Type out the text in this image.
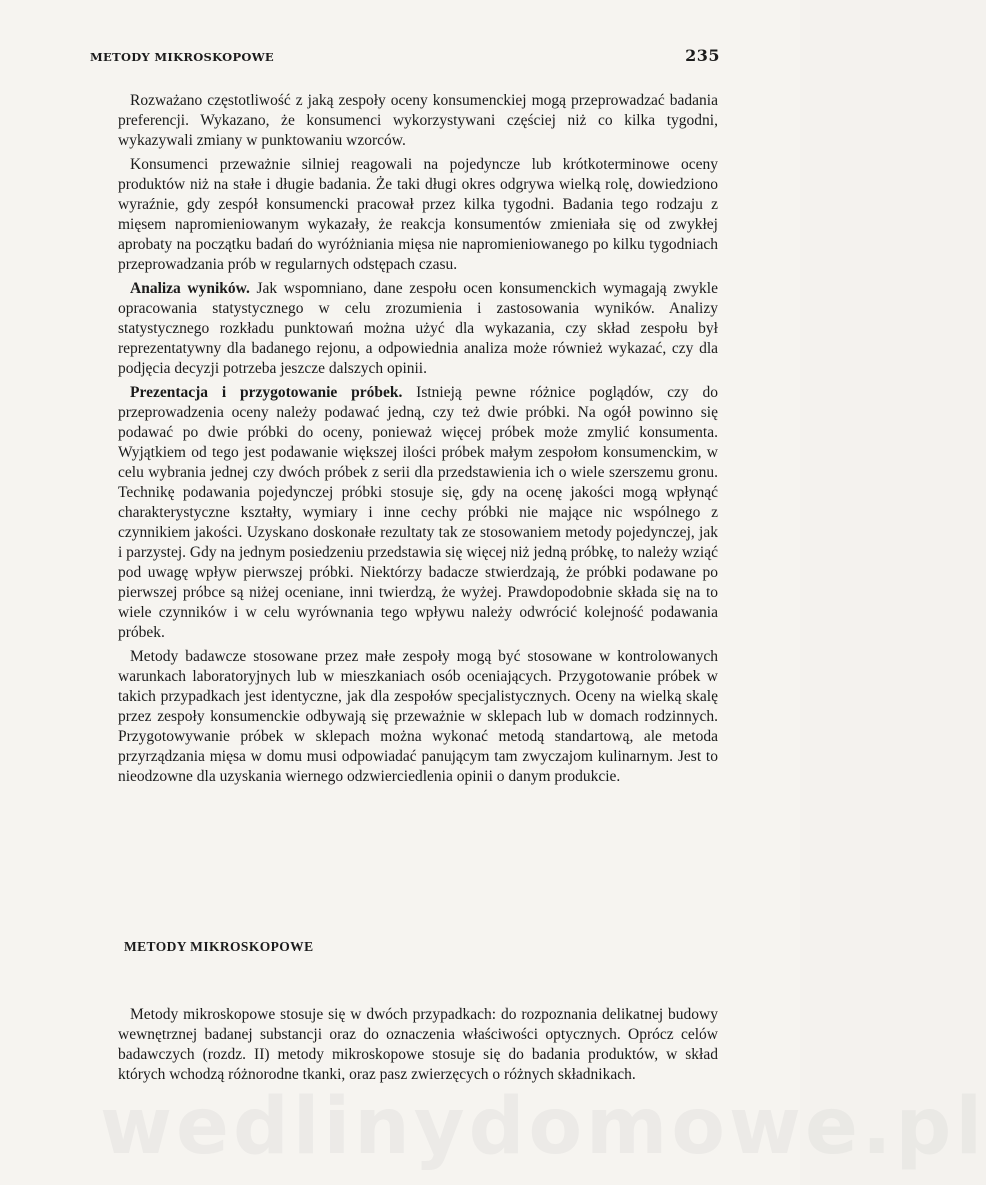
METODY MIKROSKOPOWE	235

Rozważano częstotliwość z jaką zespoły oceny konsumenckiej mogą przeprowadzać badania preferencji. Wykazano, że konsumenci wykorzystywani częściej niż co kilka tygodni, wykazywali zmiany w punktowaniu wzorców.

Konsumenci przeważnie silniej reagowali na pojedyncze lub krótkoterminowe oceny produktów niż na stałe i długie badania. Że taki długi okres odgrywa wielką rolę, dowiedziono wyraźnie, gdy zespół konsumencki pracował przez kilka tygodni. Badania tego rodzaju z mięsem napromieniowanym wykazały, że reakcja konsumentów zmieniała się od zwykłej aprobaty na początku badań do wyróżniania mięsa nie napromieniowanego po kilku tygodniach przeprowadzania prób w regularnych odstępach czasu.

Analiza wyników. Jak wspomniano, dane zespołu ocen konsumenckich wymagają zwykle opracowania statystycznego w celu zrozumienia i zastosowania wyników. Analizy statystycznego rozkładu punktowań można użyć dla wykazania, czy skład zespołu był reprezentatywny dla badanego rejonu, a odpowiednia analiza może również wykazać, czy dla podjęcia decyzji potrzeba jeszcze dalszych opinii.

Prezentacja i przygotowanie próbek. Istnieją pewne różnice poglądów, czy do przeprowadzenia oceny należy podawać jedną, czy też dwie próbki. Na ogół powinno się podawać po dwie próbki do oceny, ponieważ więcej próbek może zmylić konsumenta. Wyjątkiem od tego jest podawanie większej ilości próbek małym zespołom konsumenckim, w celu wybrania jednej czy dwóch próbek z serii dla przedstawienia ich o wiele szerszemu gronu. Technikę podawania pojedynczej próbki stosuje się, gdy na ocenę jakości mogą wpłynąć charakterystyczne kształty, wymiary i inne cechy próbki nie mające nic wspólnego z czynnikiem jakości. Uzyskano doskonałe rezultaty tak ze stosowaniem metody pojedynczej, jak i parzystej. Gdy na jednym posiedzeniu przedstawia się więcej niż jedną próbkę, to należy wziąć pod uwagę wpływ pierwszej próbki. Niektórzy badacze stwierdzają, że próbki podawane po pierwszej próbce są niżej oceniane, inni twierdzą, że wyżej. Prawdopodobnie składa się na to wiele czynników i w celu wyrównania tego wpływu należy odwrócić kolejność podawania próbek.

Metody badawcze stosowane przez małe zespoły mogą być stosowane w kontrolowanych warunkach laboratoryjnych lub w mieszkaniach osób oceniających. Przygotowanie próbek w takich przypadkach jest identyczne, jak dla zespołów specjalistycznych. Oceny na wielką skalę przez zespoły konsumenckie odbywają się przeważnie w sklepach lub w domach rodzinnych. Przygotowywanie próbek w sklepach można wykonać metodą standartową, ale metoda przyrządzania mięsa w domu musi odpowiadać panującym tam zwyczajom kulinarnym. Jest to nieodzowne dla uzyskania wiernego odzwierciedlenia opinii o danym produkcie.

METODY MIKROSKOPOWE

Metody mikroskopowe stosuje się w dwóch przypadkach: do rozpoznania delikatnej budowy wewnętrznej badanej substancji oraz do oznaczenia właściwości optycznych. Oprócz celów badawczych (rozdz. II) metody mikroskopowe stosuje się do badania produktów, w skład których wchodzą różnorodne tkanki, oraz pasz zwierzęcych o różnych składnikach.

wedlinydomowe.pl
